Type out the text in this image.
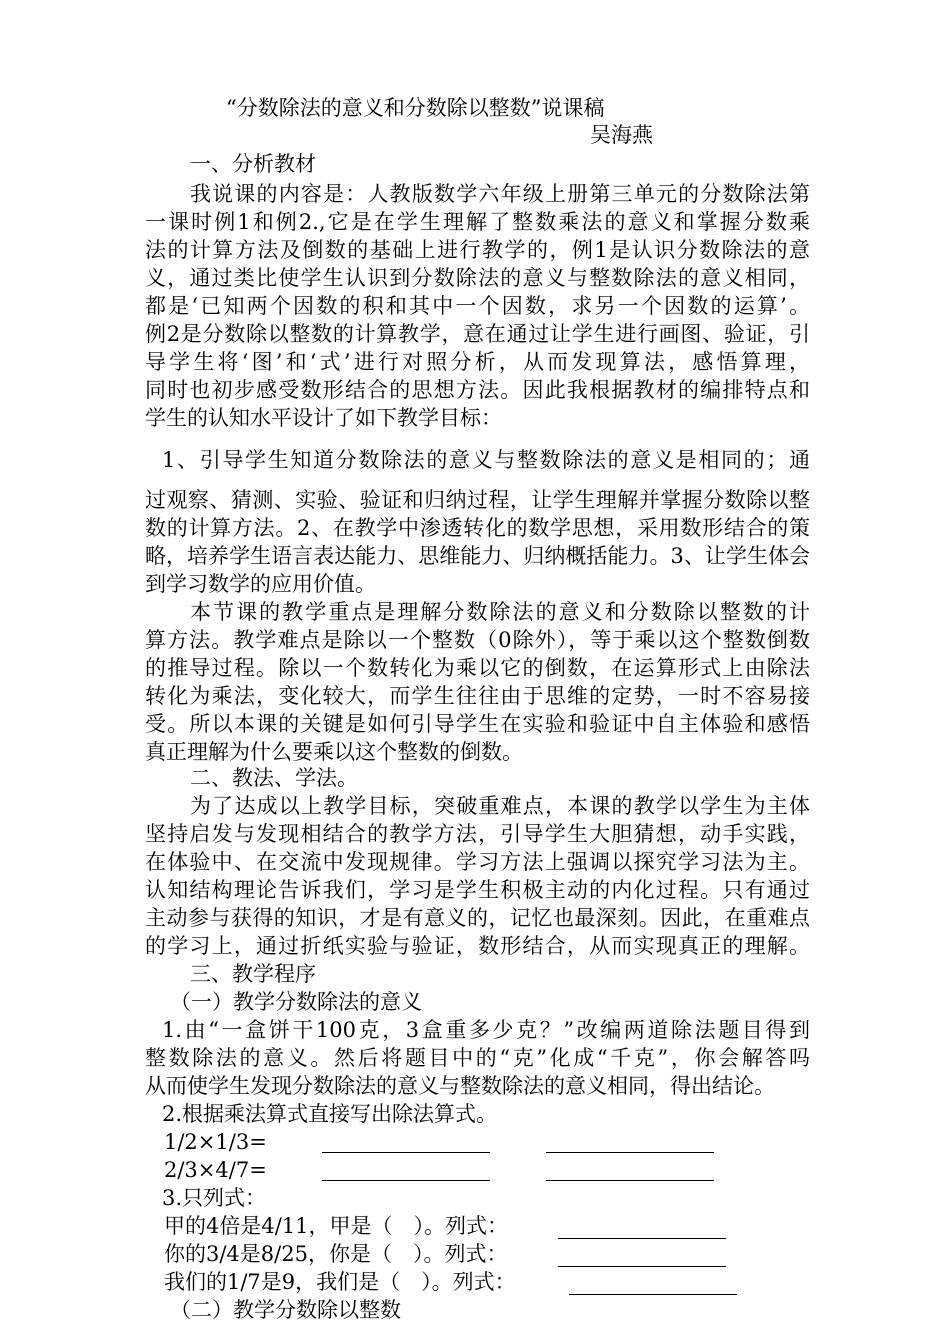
“分数除法的意义和分数除以整数”说课稿
吴海燕
一、分析教材
我说课的内容是：人教版数学六年级上册第三单元的分数除法第
一课时例1和例2.,它是在学生理解了整数乘法的意义和掌握分数乘
法的计算方法及倒数的基础上进行教学的，例1是认识分数除法的意
义，通过类比使学生认识到分数除法的意义与整数除法的意义相同，
都是‘已知两个因数的积和其中一个因数，求另一个因数的运算’。
例2是分数除以整数的计算教学，意在通过让学生进行画图、验证，引
导学生将‘图’和‘式’进行对照分析，从而发现算法，感悟算理，
同时也初步感受数形结合的思想方法。因此我根据教材的编排特点和
学生的认知水平设计了如下教学目标：
1、引导学生知道分数除法的意义与整数除法的意义是相同的；通
过观察、猜测、实验、验证和归纳过程，让学生理解并掌握分数除以整
数的计算方法。2、在教学中渗透转化的数学思想，采用数形结合的策
略，培养学生语言表达能力、思维能力、归纳概括能力。3、让学生体会
到学习数学的应用价值。
本节课的教学重点是理解分数除法的意义和分数除以整数的计
算方法。教学难点是除以一个整数（0除外），等于乘以这个整数倒数
的推导过程。除以一个数转化为乘以它的倒数，在运算形式上由除法
转化为乘法，变化较大，而学生往往由于思维的定势，一时不容易接
受。所以本课的关键是如何引导学生在实验和验证中自主体验和感悟
真正理解为什么要乘以这个整数的倒数。
二、教法、学法。
为了达成以上教学目标，突破重难点，本课的教学以学生为主体
坚持启发与发现相结合的教学方法，引导学生大胆猜想，动手实践，
在体验中、在交流中发现规律。学习方法上强调以探究学习法为主。
认知结构理论告诉我们，学习是学生积极主动的内化过程。只有通过
主动参与获得的知识，才是有意义的，记忆也最深刻。因此，在重难点
的学习上，通过折纸实验与验证，数形结合，从而实现真正的理解。
三、教学程序
（一）教学分数除法的意义
1.由“一盒饼干100克，3盒重多少克？”改编两道除法题目得到
整数除法的意义。然后将题目中的“克”化成“千克”，你会解答吗
从而使学生发现分数除法的意义与整数除法的意义相同，得出结论。
2.根据乘法算式直接写出除法算式。
1/2×1/3=
2/3×4/7=
3.只列式：
甲的4倍是4/11，甲是（　）。列式：
你的3/4是8/25，你是（　）。列式：
我们的1/7是9，我们是（　）。列式：
（二）教学分数除以整数
